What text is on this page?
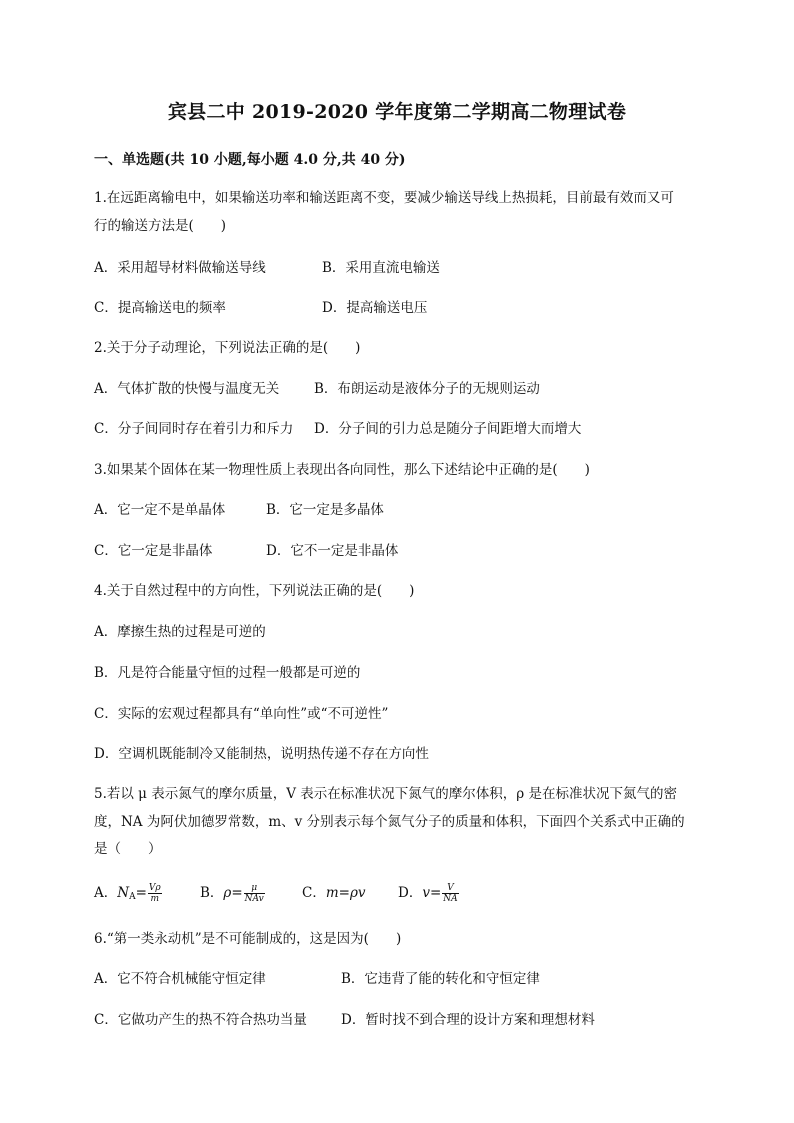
宾县二中 2019-2020 学年度第二学期高二物理试卷
一、单选题(共 10 小题,每小题 4.0 分,共 40 分)
1.在远距离输电中，如果输送功率和输送距离不变，要减少输送导线上热损耗，目前最有效而又可
行的输送方法是(　　)
A．采用超导材料做输送导线	B．采用直流电输送
C．提高输送电的频率	D．提高输送电压
2.关于分子动理论，下列说法正确的是(　　)
A．气体扩散的快慢与温度无关	B．布朗运动是液体分子的无规则运动
C．分子间同时存在着引力和斥力 D．分子间的引力总是随分子间距增大而增大
3.如果某个固体在某一物理性质上表现出各向同性，那么下述结论中正确的是(　　)
A．它一定不是单晶体	B．它一定是多晶体
C．它一定是非晶体	D．它不一定是非晶体
4.关于自然过程中的方向性，下列说法正确的是(　　)
A．摩擦生热的过程是可逆的
B．凡是符合能量守恒的过程一般都是可逆的
C．实际的宏观过程都具有“单向性”或“不可逆性”
D．空调机既能制冷又能制热，说明热传递不存在方向性
5.若以 μ 表示氮气的摩尔质量，V 表示在标准状况下氮气的摩尔体积，ρ 是在标准状况下氮气的密
度，NA 为阿伏加德罗常数，m、v 分别表示每个氮气分子的质量和体积，下面四个关系式中正确的
是（　　）
A．$N_A= \frac{V\rho}{m}$	B．$\rho= \frac{\mu}{\text{NAv}}$	C．m=ρv D．$v= \frac{V}{NA}$
6.“第一类永动机”是不可能制成的，这是因为(　　)
A．它不符合机械能守恒定律	B．它违背了能的转化和守恒定律
C．它做功产生的热不符合热功当量	D．暂时找不到合理的设计方案和理想材料
